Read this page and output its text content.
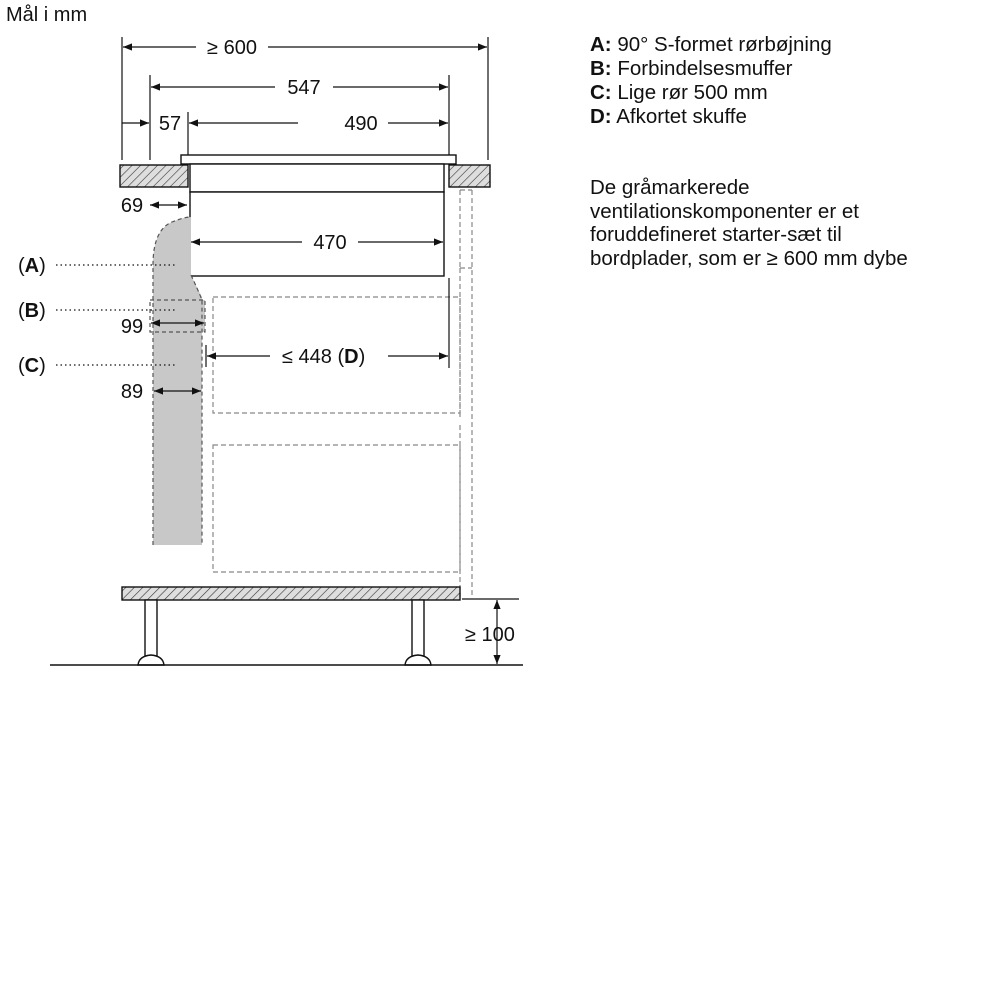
Mål i mm
≥ 600
547
57	490
69
470
99
89
≤ 448 (D)
(A)
(B)
(C)
≥ 100
A: 90° S-formet rørbøjning
B: Forbindelsesmuffer
C: Lige rør 500 mm
D: Afkortet skuffe
De gråmarkerede
ventilationskomponenter er et
foruddefineret starter-sæt til
bordplader, som er ≥ 600 mm dybe
